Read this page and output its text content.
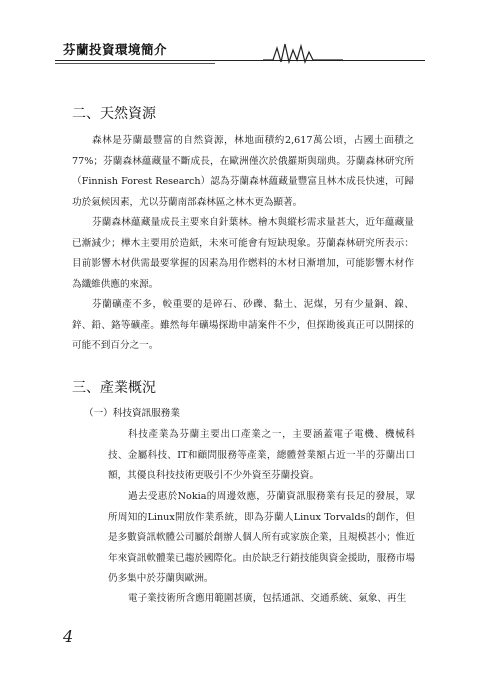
芬蘭投資環境簡介
二、天然資源

森林是芬蘭最豐富的自然資源，林地面積約2,617萬公頃，占國土面積之77%；芬蘭森林蘊藏量不斷成長，在歐洲僅次於俄羅斯與瑞典。芬蘭森林研究所（Finnish Forest Research）認為芬蘭森林蘊藏量豐富且林木成長快速，可歸功於氣候因素，尤以芬蘭南部森林區之林木更為顯著。

芬蘭森林蘊藏量成長主要來自針葉林。檜木與縱杉需求量甚大，近年蘊藏量已漸減少；樺木主要用於造紙，未來可能會有短缺現象。芬蘭森林研究所表示：目前影響木材供需最要掌握的因素為用作燃料的木材日漸增加，可能影響木材作為纖維供應的來源。

芬蘭礦產不多，較重要的是碎石、砂礫、黏土、泥煤，另有少量銅、鎳、鋅、鉛、鉻等礦產。雖然每年礦場探勘申請案件不少，但探勘後真正可以開採的可能不到百分之一。

三、產業概況
（一）科技資訊服務業

科技產業為芬蘭主要出口產業之一，主要涵蓋電子電機、機械科技、金屬科技、IT和顧問服務等產業，總體營業額占近一半的芬蘭出口額，其優良科技技術更吸引不少外資至芬蘭投資。

過去受惠於Nokia的周邊效應，芬蘭資訊服務業有長足的發展，眾所周知的Linux開放作業系統，即為芬蘭人Linux Torvalds的創作，但是多數資訊軟體公司屬於創辦人個人所有或家族企業，且規模甚小；惟近年來資訊軟體業已趨於國際化。由於缺乏行銷技能與資金援助，服務市場仍多集中於芬蘭與歐洲。

電子業技術所含應用範圍甚廣，包括通訊、交通系統、氣象、再生

4
